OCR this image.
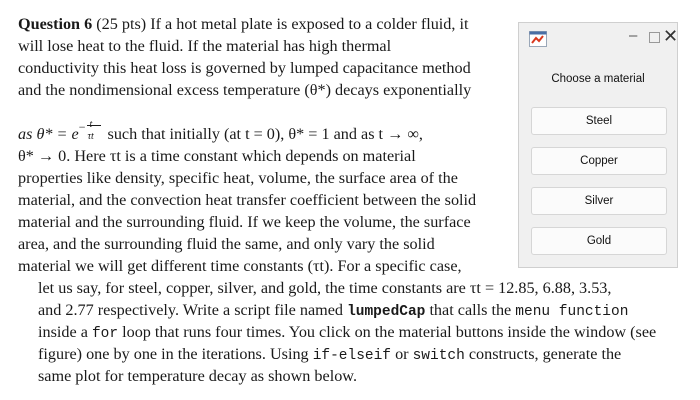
Question 6 (25 pts) If a hot metal plate is exposed to a colder fluid, it
will lose heat to the fluid. If the material has high thermal
conductivity this heat loss is governed by lumped capacitance method
and the nondimensional excess temperature (θ*) decays exponentially
as θ* = e− t
τt such that initially (at t = 0), θ* = 1 and as t → ∞,
θ* → 0. Here τt is a time constant which depends on material
properties like density, specific heat, volume, the surface area of the
material, and the convection heat transfer coefficient between the solid
material and the surrounding fluid. If we keep the volume, the surface
area, and the surrounding fluid the same, and only vary the solid
material we will get different time constants (τt). For a specific case,
let us say, for steel, copper, silver, and gold, the time constants are τt = 12.85, 6.88, 3.53,
and 2.77 respectively. Write a script file named lumpedCap that calls the menu function
inside a for loop that runs four times. You click on the material buttons inside the window (see
figure) one by one in the iterations. Using if-elseif or switch constructs, generate the
same plot for temperature decay as shown below.
– ✕
Choose a material
Steel
Copper
Silver
Gold
